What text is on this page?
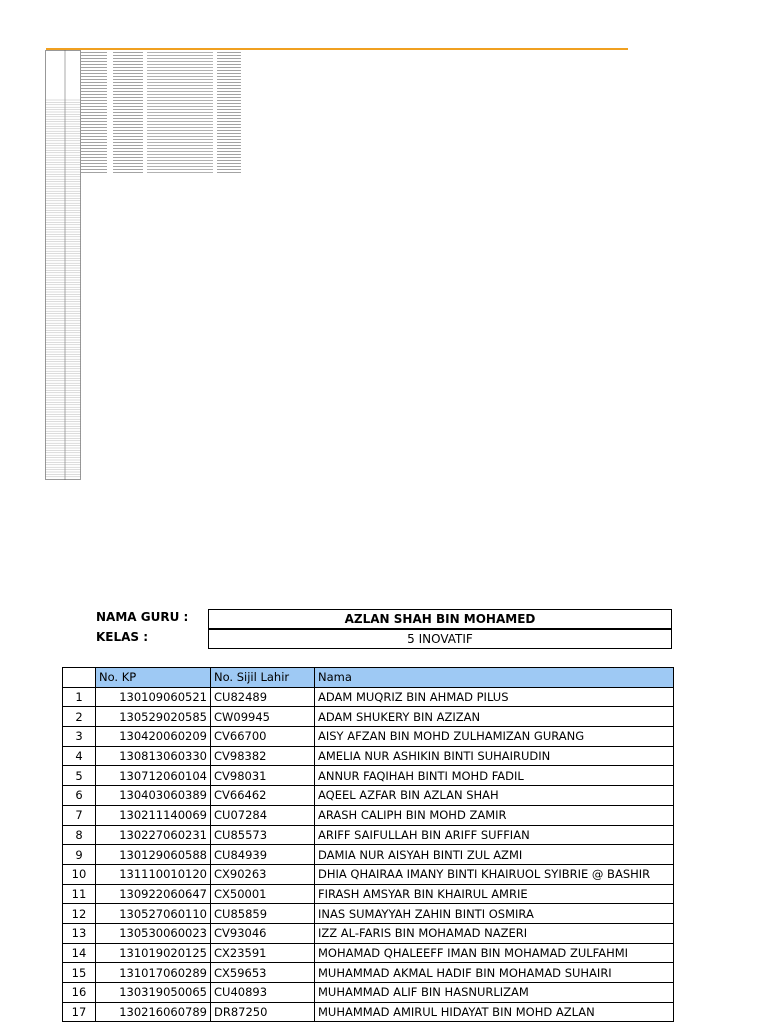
NAMA GURU :	AZLAN SHAH BIN MOHAMED
KELAS :	5 INOVATIF
	No. KP	No. Sijil Lahir	Nama
1	130109060521	CU82489	ADAM MUQRIZ BIN AHMAD PILUS
2	130529020585	CW09945	ADAM SHUKERY BIN AZIZAN
3	130420060209	CV66700	AISY AFZAN BIN MOHD ZULHAMIZAN GURANG
4	130813060330	CV98382	AMELIA NUR ASHIKIN BINTI SUHAIRUDIN
5	130712060104	CV98031	ANNUR FAQIHAH BINTI MOHD FADIL
6	130403060389	CV66462	AQEEL AZFAR BIN AZLAN SHAH
7	130211140069	CU07284	ARASH CALIPH BIN MOHD ZAMIR
8	130227060231	CU85573	ARIFF SAIFULLAH BIN ARIFF SUFFIAN
9	130129060588	CU84939	DAMIA NUR AISYAH BINTI ZUL AZMI
10	131110010120	CX90263	DHIA QHAIRAA IMANY BINTI KHAIRUOL SYIBRIE @ BASHIR
11	130922060647	CX50001	FIRASH AMSYAR BIN KHAIRUL AMRIE
12	130527060110	CU85859	INAS SUMAYYAH ZAHIN BINTI OSMIRA
13	130530060023	CV93046	IZZ AL-FARIS BIN MOHAMAD NAZERI
14	131019020125	CX23591	MOHAMAD QHALEEFF IMAN BIN MOHAMAD ZULFAHMI
15	131017060289	CX59653	MUHAMMAD AKMAL HADIF BIN MOHAMAD SUHAIRI
16	130319050065	CU40893	MUHAMMAD ALIF BIN HASNURLIZAM
17	130216060789	DR87250	MUHAMMAD AMIRUL HIDAYAT BIN MOHD AZLAN
